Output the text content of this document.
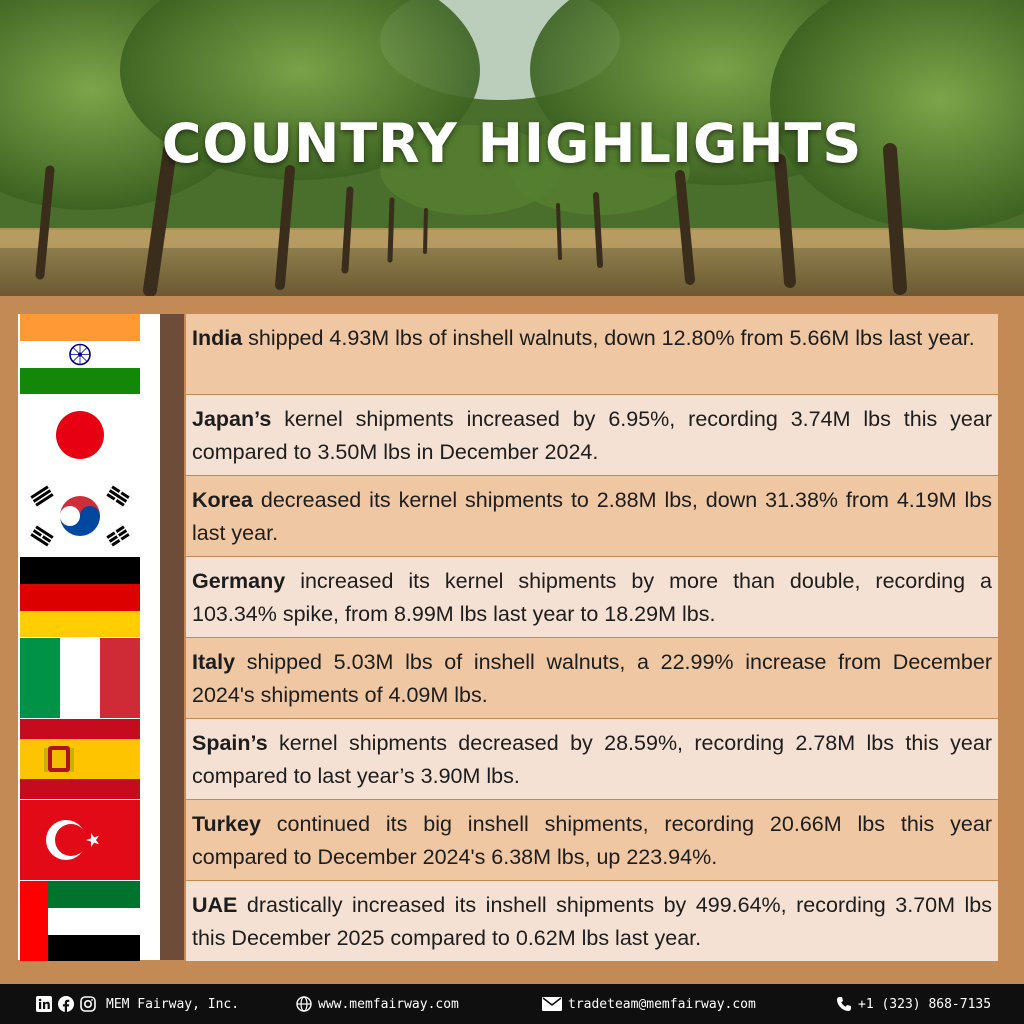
COUNTRY HIGHLIGHTS
India shipped 4.93M lbs of inshell walnuts, down 12.80% from 5.66M lbs last year.
Japan’s kernel shipments increased by 6.95%, recording 3.74M lbs this year compared to 3.50M lbs in December 2024.
Korea decreased its kernel shipments to 2.88M lbs, down 31.38% from 4.19M lbs last year.
Germany increased its kernel shipments by more than double, recording a 103.34% spike, from 8.99M lbs last year to 18.29M lbs.
Italy shipped 5.03M lbs of inshell walnuts, a 22.99% increase from December 2024's shipments of 4.09M lbs.
Spain’s kernel shipments decreased by 28.59%, recording 2.78M lbs this year compared to last year’s 3.90M lbs.
Turkey continued its big inshell shipments, recording 20.66M lbs this year compared to December 2024's 6.38M lbs, up 223.94%.
UAE drastically increased its inshell shipments by 499.64%, recording 3.70M lbs this December 2025 compared to 0.62M lbs last year.
MEM Fairway, Inc.	www.memfairway.com	tradeteam@memfairway.com	+1 (323) 868-7135
